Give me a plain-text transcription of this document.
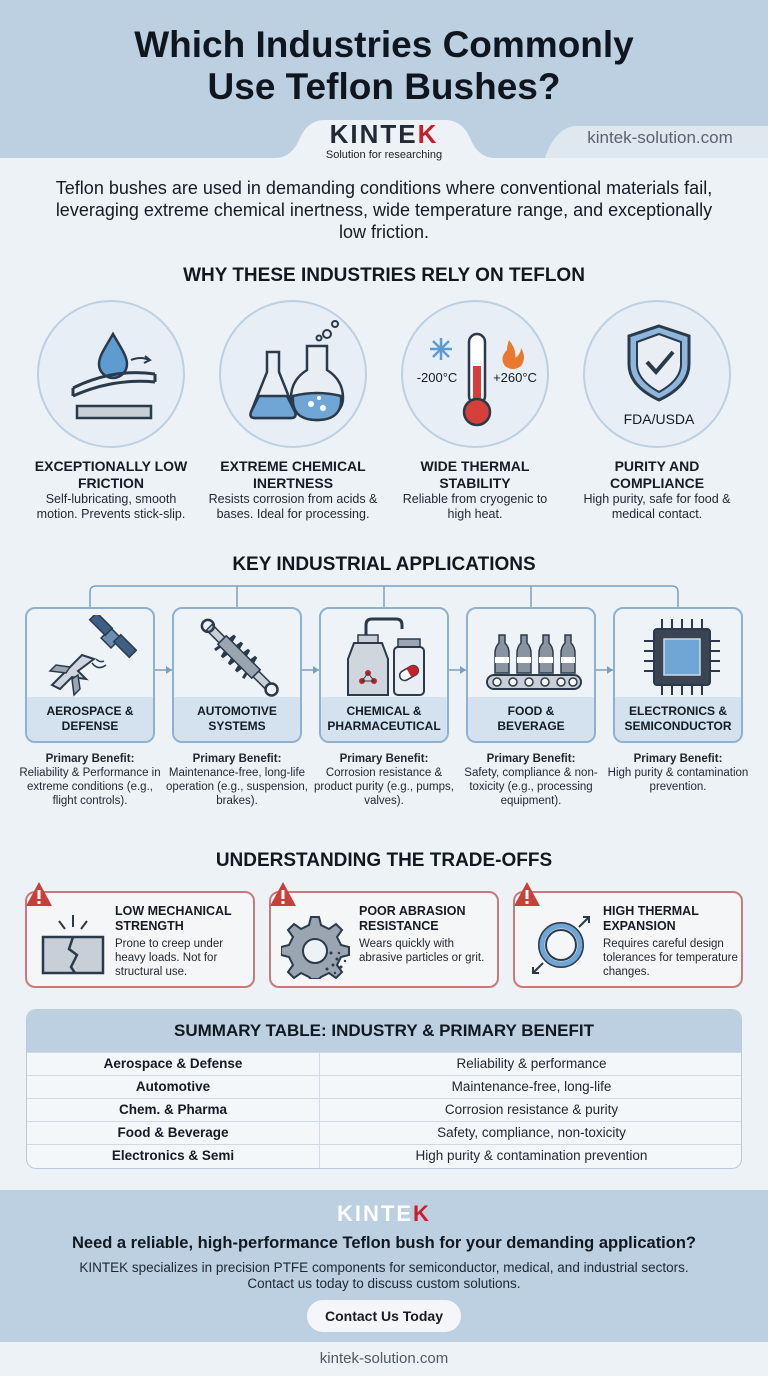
Which Industries Commonly
Use Teflon Bushes?
KINTEK
Solution for researching
kintek-solution.com
Teflon bushes are used in demanding conditions where conventional materials fail, leveraging extreme chemical inertness, wide temperature range, and exceptionally low friction.
WHY THESE INDUSTRIES RELY ON TEFLON
-200°C	+260°C
FDA/USDA
EXCEPTIONALLY LOW FRICTION
EXTREME CHEMICAL INERTNESS
WIDE THERMAL STABILITY
PURITY AND COMPLIANCE
Self-lubricating, smooth motion. Prevents stick-slip.
Resists corrosion from acids & bases. Ideal for processing.
Reliable from cryogenic to high heat.
High purity, safe for food & medical contact.
KEY INDUSTRIAL APPLICATIONS
AEROSPACE &
DEFENSE
AUTOMOTIVE
SYSTEMS
CHEMICAL &
PHARMACEUTICAL
FOOD &
BEVERAGE
ELECTRONICS &
SEMICONDUCTOR
Primary Benefit:
Reliability & Performance in extreme conditions (e.g., flight controls).
Primary Benefit:
Maintenance-free, long-life operation (e.g., suspension, brakes).
Primary Benefit:
Corrosion resistance & product purity (e.g., pumps, valves).
Primary Benefit:
Safety, compliance & non-toxicity (e.g., processing equipment).
Primary Benefit:
High purity & contamination prevention.
UNDERSTANDING THE TRADE-OFFS
LOW MECHANICAL
STRENGTH
Prone to creep under heavy loads. Not for structural use.
POOR ABRASION
RESISTANCE
Wears quickly with abrasive particles or grit.
HIGH THERMAL
EXPANSION
Requires careful design tolerances for temperature changes.
SUMMARY TABLE: INDUSTRY & PRIMARY BENEFIT
Aerospace & Defense	Reliability & performance
Automotive	Maintenance-free, long-life
Chem. & Pharma	Corrosion resistance & purity
Food & Beverage	Safety, compliance, non-toxicity
Electronics & Semi	High purity & contamination prevention
KINTEK
Need a reliable, high-performance Teflon bush for your demanding application?
KINTEK specializes in precision PTFE components for semiconductor, medical, and industrial sectors. Contact us today to discuss custom solutions.
Contact Us Today
kintek-solution.com
